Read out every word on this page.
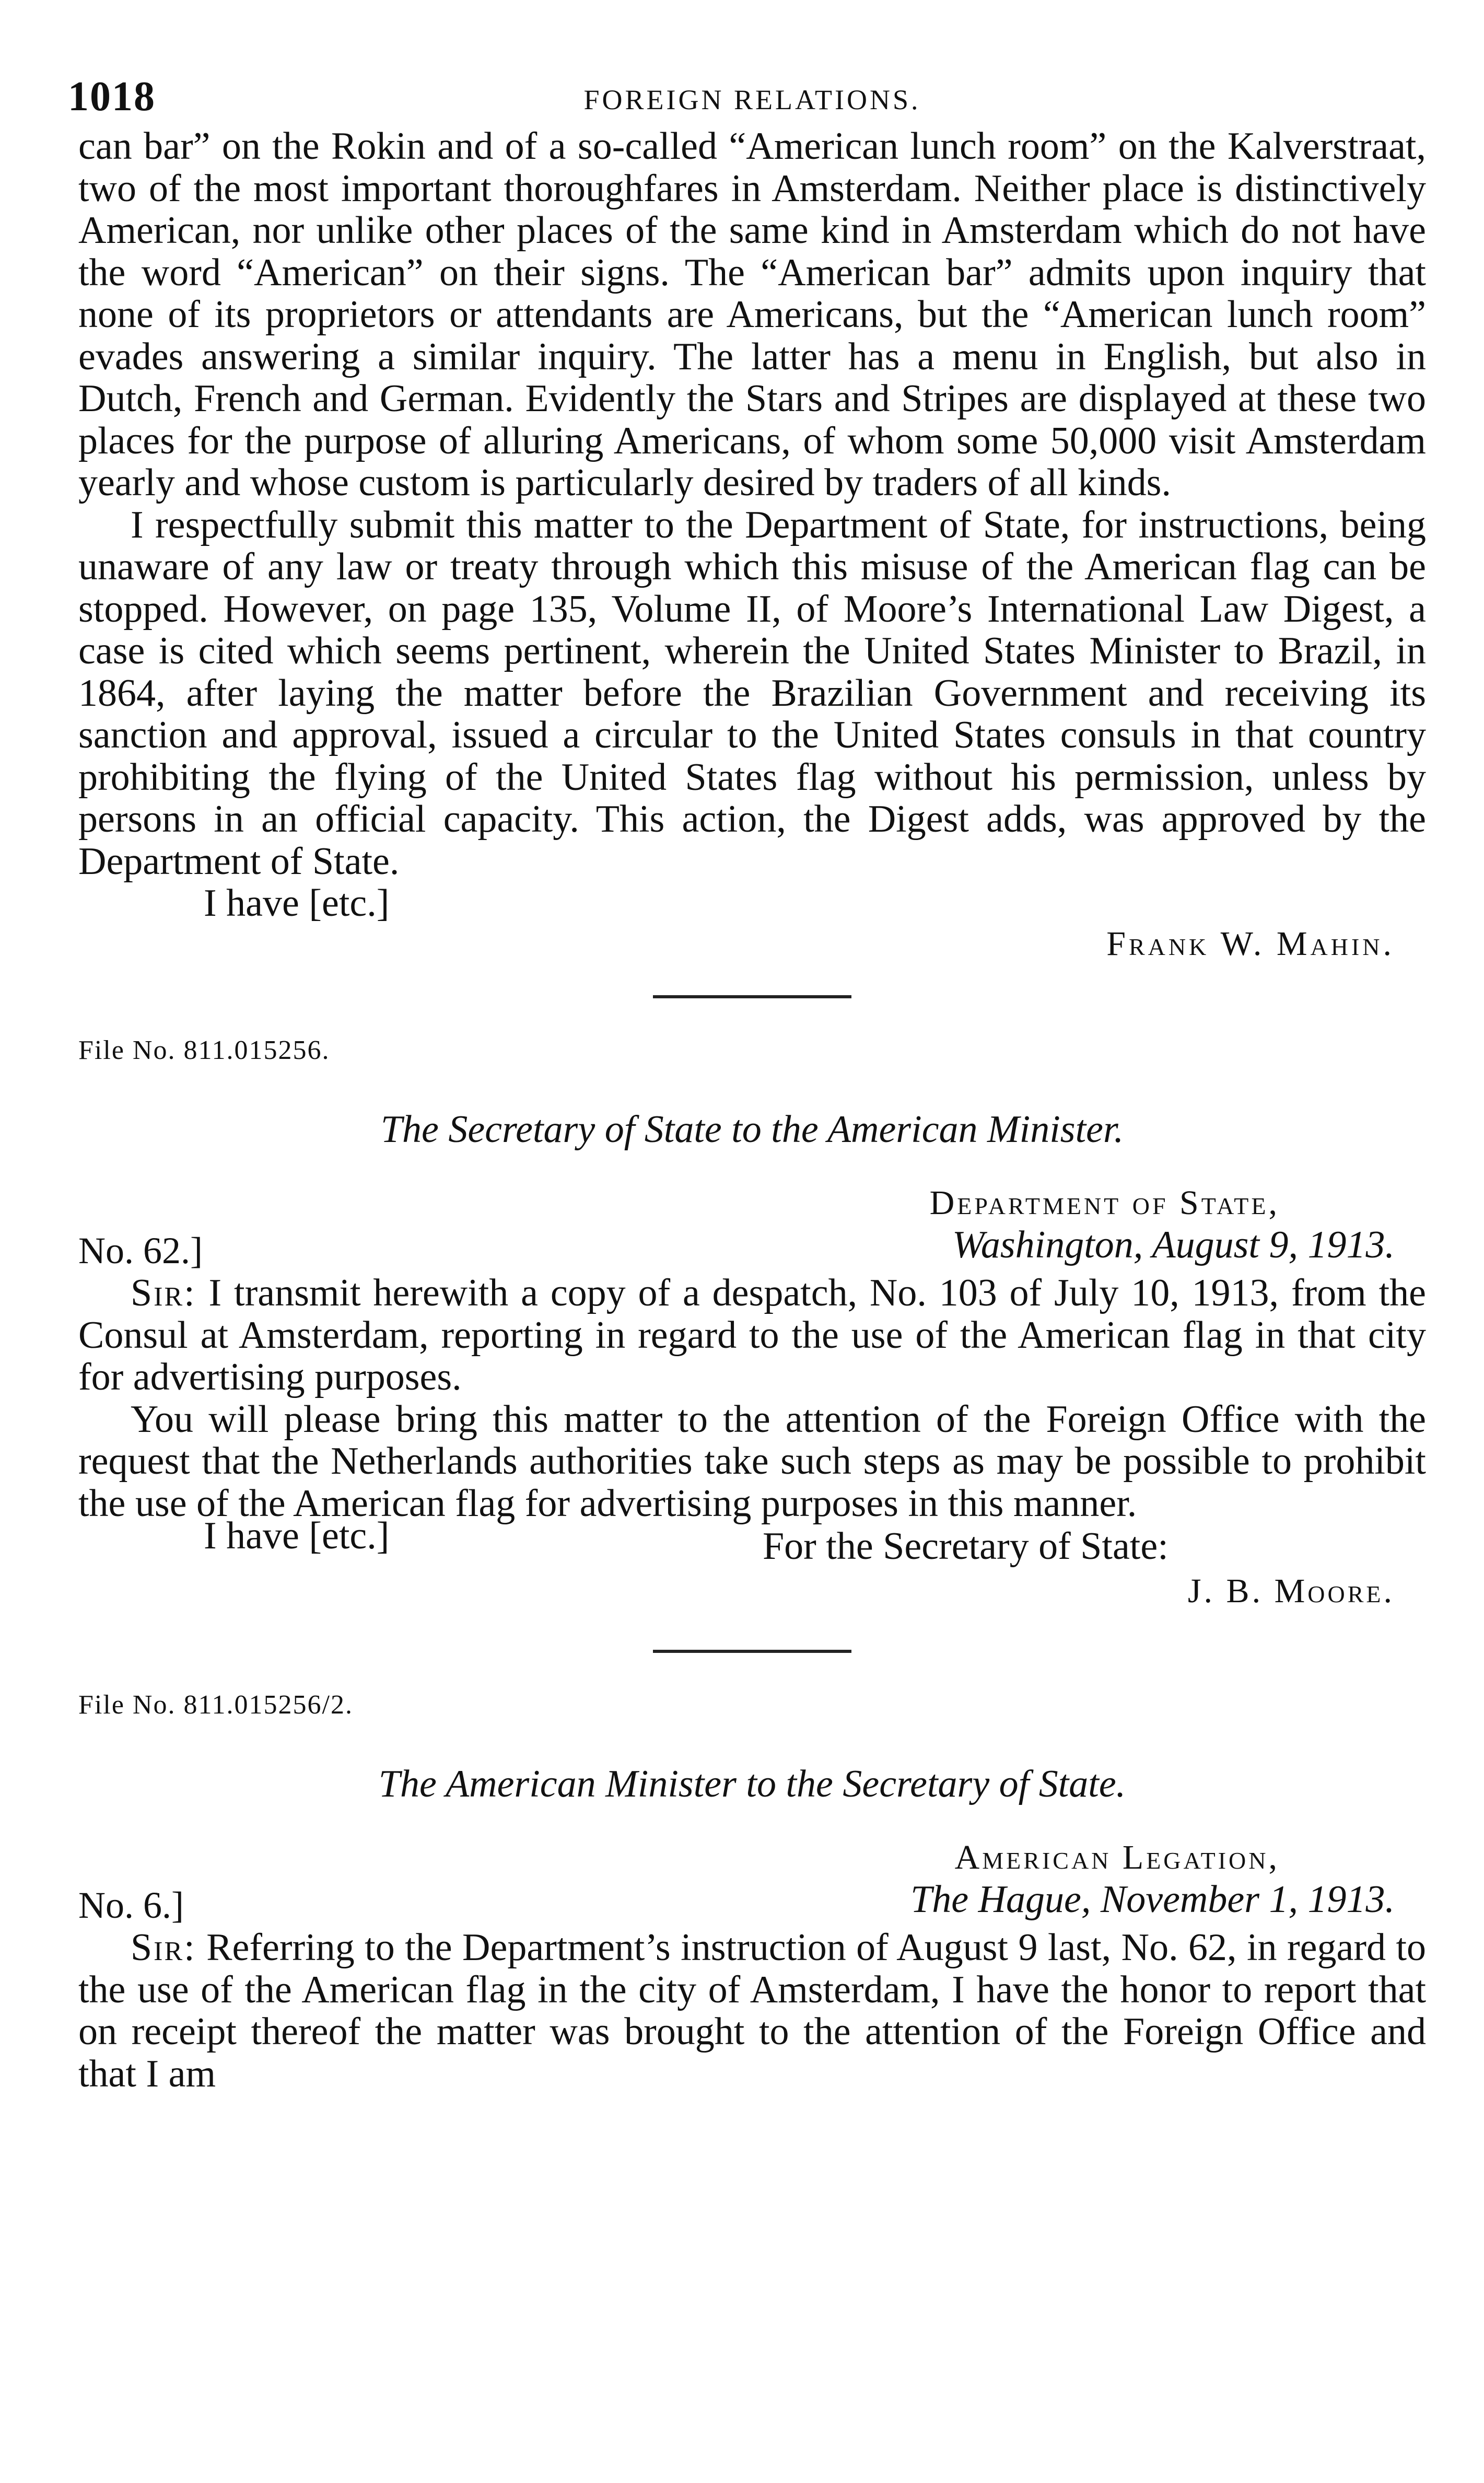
1018	FOREIGN RELATIONS.

can bar” on the Rokin and of a so-called “American lunch room” on the Kalverstraat, two of the most important thoroughfares in Amsterdam. Neither place is distinctively American, nor unlike other places of the same kind in Amsterdam which do not have the word “American” on their signs. The “American bar” admits upon inquiry that none of its proprietors or attendants are Americans, but the “American lunch room” evades answering a similar inquiry. The latter has a menu in English, but also in Dutch, French and German. Evidently the Stars and Stripes are displayed at these two places for the purpose of alluring Americans, of whom some 50,000 visit Amsterdam yearly and whose custom is particularly desired by traders of all kinds.

I respectfully submit this matter to the Department of State, for instructions, being unaware of any law or treaty through which this misuse of the American flag can be stopped. However, on page 135, Volume II, of Moore’s International Law Digest, a case is cited which seems pertinent, wherein the United States Minister to Brazil, in 1864, after laying the matter before the Brazilian Government and receiving its sanction and approval, issued a circular to the United States consuls in that country prohibiting the flying of the United States flag without his permission, unless by persons in an official capacity. This action, the Digest adds, was approved by the Department of State.

I have [etc.]

Frank W. Mahin.

File No. 811.015256.

The Secretary of State to the American Minister.

Department of State,
Washington, August 9, 1913.
No. 62.]

Sir: I transmit herewith a copy of a despatch, No. 103 of July 10, 1913, from the Consul at Amsterdam, reporting in regard to the use of the American flag in that city for advertising purposes.

You will please bring this matter to the attention of the Foreign Office with the request that the Netherlands authorities take such steps as may be possible to prohibit the use of the American flag for advertising purposes in this manner.

I have [etc.]	For the Secretary of State:
J. B. Moore.

File No. 811.015256/2.

The American Minister to the Secretary of State.

American Legation,
The Hague, November 1, 1913.
No. 6.]

Sir: Referring to the Department’s instruction of August 9 last, No. 62, in regard to the use of the American flag in the city of Amsterdam, I have the honor to report that on receipt thereof the matter was brought to the attention of the Foreign Office and that I am
